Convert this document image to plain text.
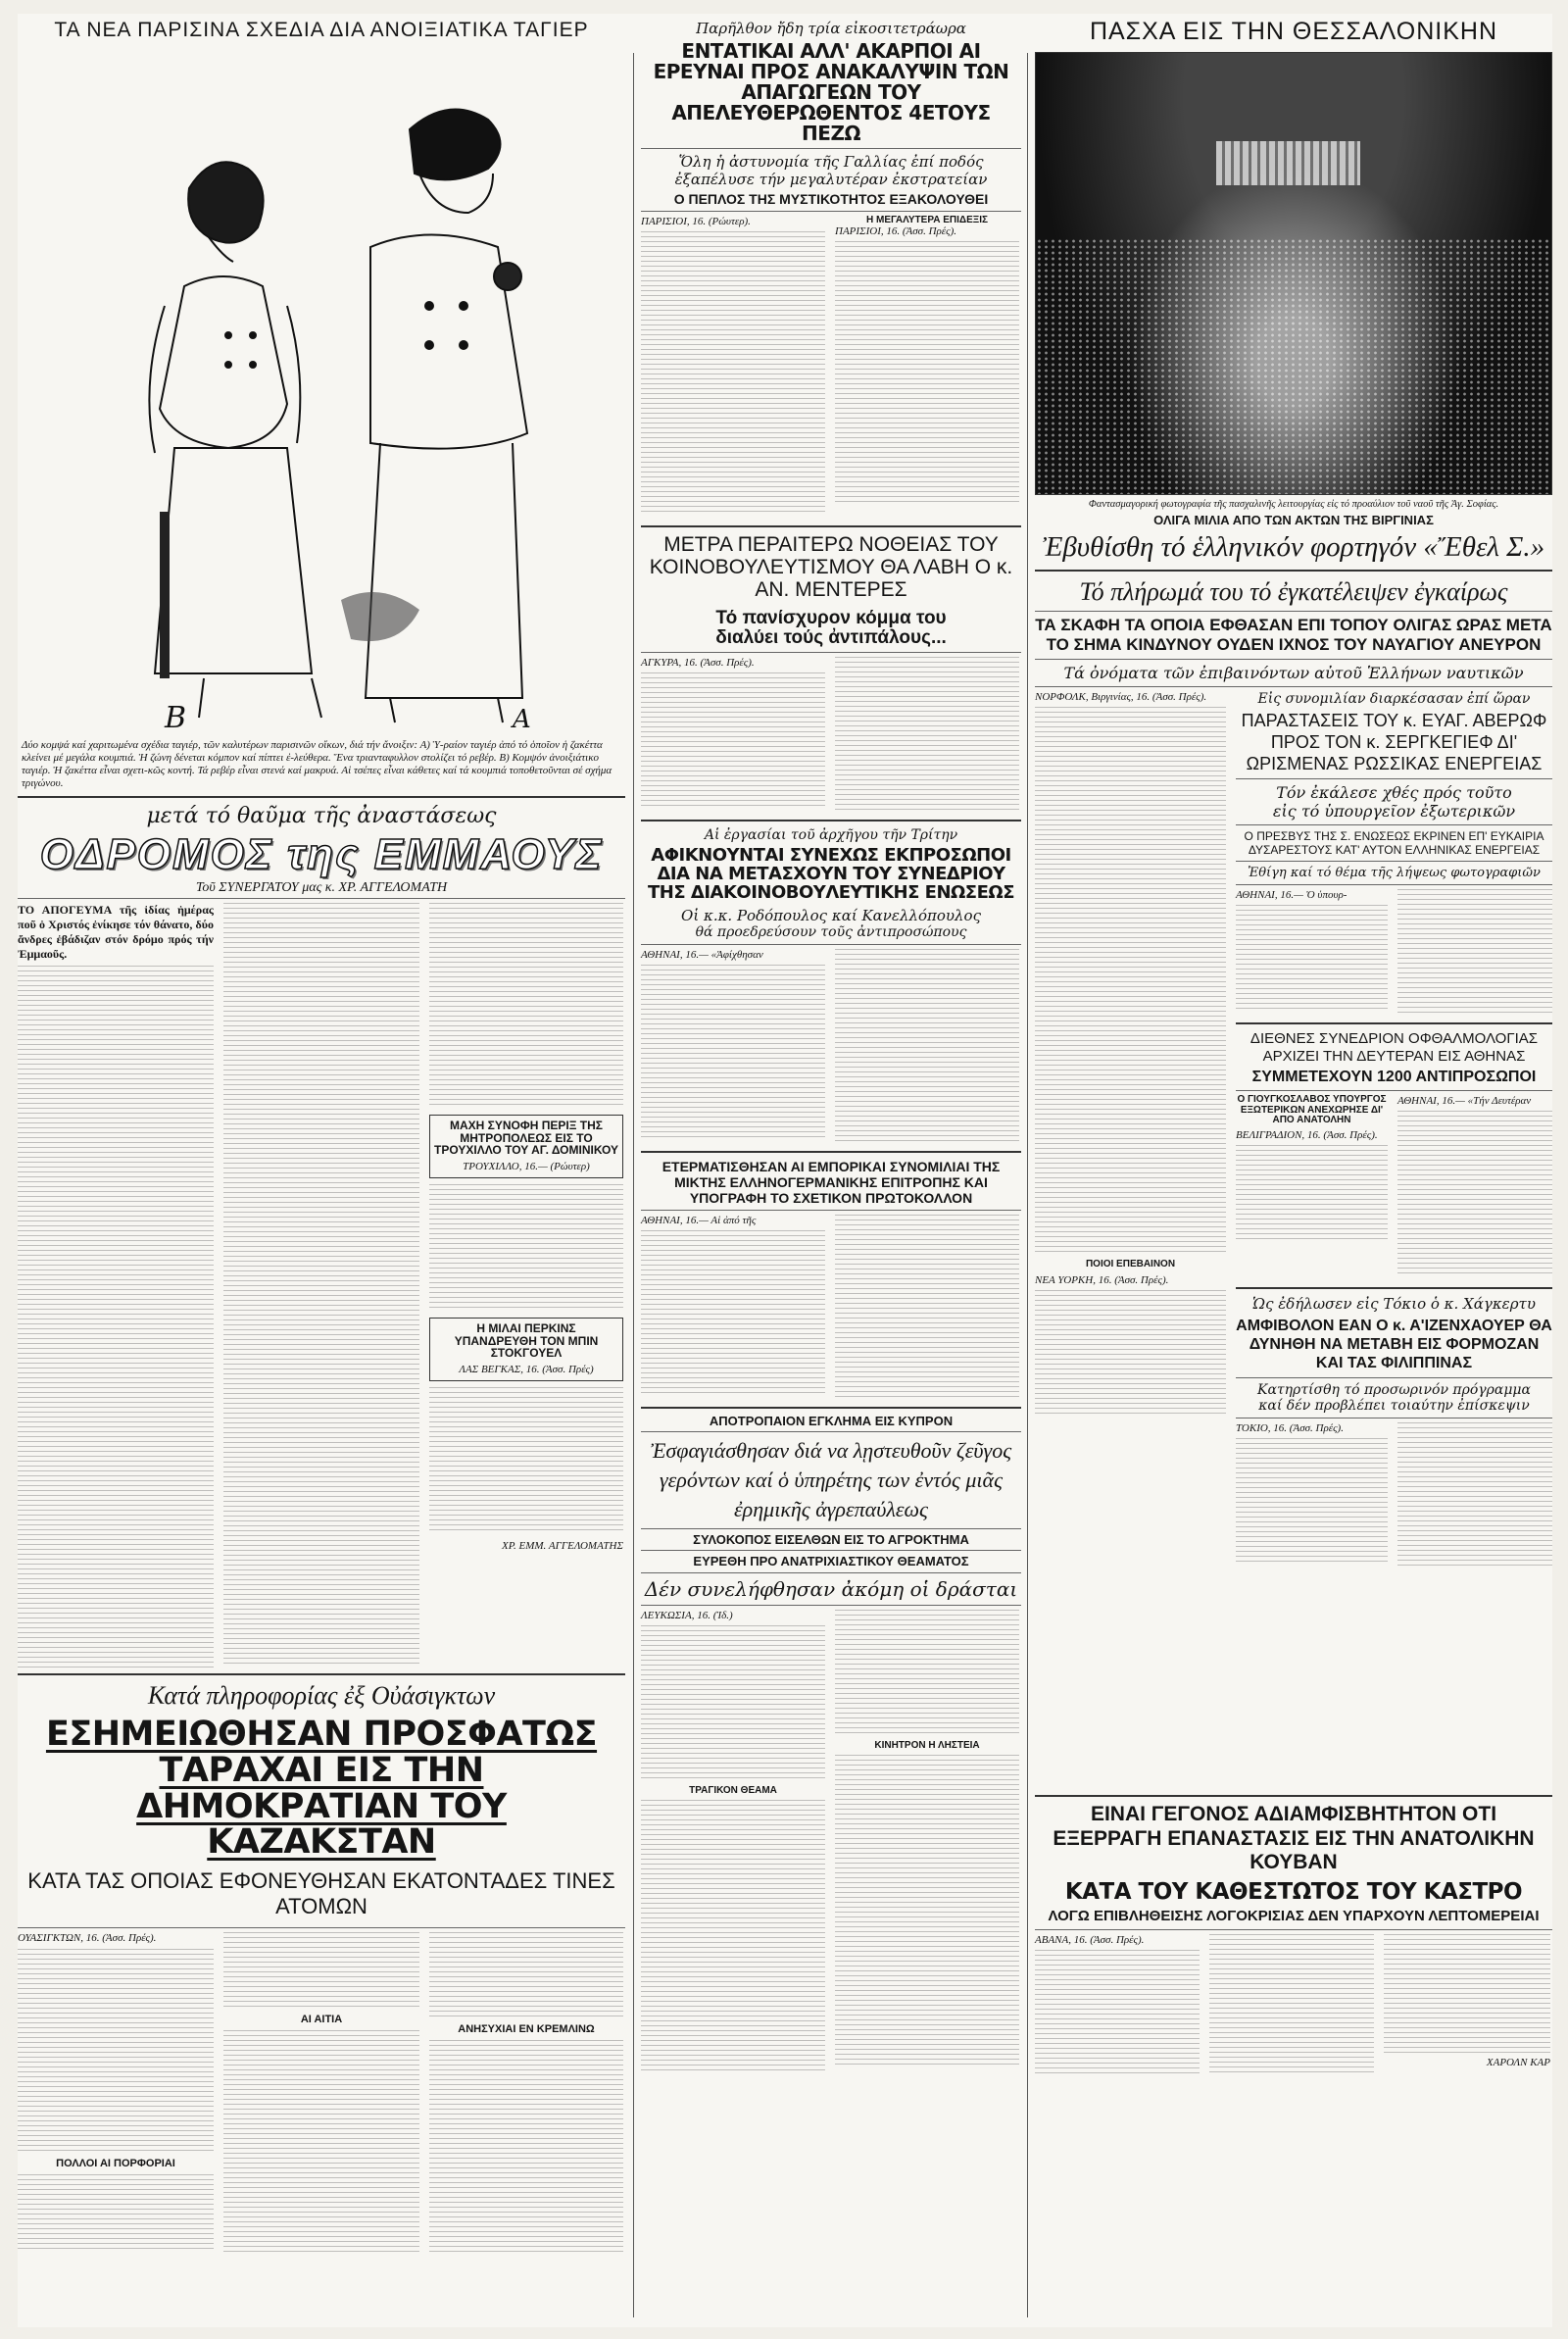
ΤΑ ΝΕΑ ΠΑΡΙΣΙΝΑ ΣΧΕΔΙΑ ΔΙΑ ΑΝΟΙΞΙΑΤΙΚΑ ΤΑΓΙΕΡ
B	A
Δύο κομψά καί χαριτωμένα σχέδια ταγιέρ, τῶν καλυτέρων παρισινῶν οἴκων, διά τήν ἄνοιξιν: Α) Ὑ-ραίον ταγιέρ ἀπό τό ὁποῖον ἡ ζακέττα κλείνει μέ μεγάλα κουμπιά. Ἡ ζώνη δένεται κόμπον καί πίπτει ἐ-λεύθερα. Ἕνα τριανταφυλλον στολίζει τό ρεβέρ. Β) Κομψόν ἀνοιξιάτικο ταγιέρ. Ἡ ζακέττα εἶναι σχετι-κῶς κοντή. Τά ρεβέρ εἶναι στενά καί μακρυά. Αἱ τσέπες εἶναι κάθετες καί τά κουμπιά τοποθετοῦνται σέ σχήμα τριγώνου.
μετά τό θαῦμα τῆς ἀναστάσεως
ΟΔΡΟΜΟΣ της ΕΜΜΑΟΥΣ
Τοῦ ΣΥΝΕΡΓΑΤΟΥ μας κ. ΧΡ. ΑΓΓΕΛΟΜΑΤΗ
ΤΟ ΑΠΟΓΕΥΜΑ τῆς ἰδίας ἡμέρας ποῦ ὁ Χριστός ἐνίκησε τόν θάνατο, δύο ἄνδρες ἐβάδιζαν στόν δρόμο πρός τήν Ἐμμαοῦς.
ΜΑΧΗ ΣΥΝΟΦΗ ΠΕΡΙΞ ΤΗΣ ΜΗΤΡΟΠΟΛΕΩΣ ΕΙΣ ΤΟ ΤΡΟΥΧΙΛΛΟ ΤΟΥ ΑΓ. ΔΟΜΙΝΙΚΟΥ
ΤΡΟΥΧΙΛΛΟ, 16.— (Ρώυτερ)
Η ΜΙΛΑΙ ΠΕΡΚΙΝΣ ΥΠΑΝΔΡΕΥΘΗ ΤΟΝ ΜΠΙΝ ΣΤΟΚΓΟΥΕΛ
ΛΑΣ ΒΕΓΚΑΣ, 16. (Ἀσσ. Πρές)
ΧΡ. ΕΜΜ. ΑΓΓΕΛΟΜΑΤΗΣ
Κατά πληροφορίας ἐξ Οὐάσιγκτων
ΕΣΗΜΕΙΩΘΗΣΑΝ ΠΡΟΣΦΑΤΩΣ ΤΑΡΑΧΑΙ ΕΙΣ ΤΗΝ ΔΗΜΟΚΡΑΤΙΑΝ ΤΟΥ ΚΑΖΑΚΣΤΑΝ
ΚΑΤΑ ΤΑΣ ΟΠΟΙΑΣ ΕΦΟΝΕΥΘΗΣΑΝ ΕΚΑΤΟΝΤΑΔΕΣ ΤΙΝΕΣ ΑΤΟΜΩΝ
ΟΥΑΣΙΓΚΤΩΝ, 16. (Ἀσσ. Πρές).
ΠΟΛΛΟΙ ΑΙ ΠΟΡΦΟΡΙΑΙ
ΑΙ ΑΙΤΙΑ
ΑΝΗΣΥΧΙΑΙ ΕΝ ΚΡΕΜΛΙΝΩ
Παρῆλθον ἤδη τρία εἰκοσιτετράωρα
ΕΝΤΑΤΙΚΑΙ ΑΛΛ' ΑΚΑΡΠΟΙ ΑΙ ΕΡΕΥΝΑΙ ΠΡΟΣ ΑΝΑΚΑΛΥΨΙΝ ΤΩΝ ΑΠΑΓΩΓΕΩΝ ΤΟΥ ΑΠΕΛΕΥΘΕΡΩΘΕΝΤΟΣ 4ΕΤΟΥΣ ΠΕΖΩ
Ὅλη ἡ ἀστυνομία τῆς Γαλλίας ἐπί ποδός
ἐξαπέλυσε τήν μεγαλυτέραν ἐκστρατείαν
Ο ΠΕΠΛΟΣ ΤΗΣ ΜΥΣΤΙΚΟΤΗΤΟΣ ΕΞΑΚΟΛΟΥΘΕΙ
ΠΑΡΙΣΙΟΙ, 16. (Ρώυτερ).	Η ΜΕΓΑΛΥΤΕΡΑ ΕΠΙΔΕΞΙΣ
ΠΑΡΙΣΙΟΙ, 16. (Ἀσσ. Πρές).
ΜΕΤΡΑ ΠΕΡΑΙΤΕΡΩ ΝΟΘΕΙΑΣ ΤΟΥ ΚΟΙΝΟΒΟΥΛΕΥΤΙΣΜΟΥ ΘΑ ΛΑΒΗ Ο κ. ΑΝ. ΜΕΝΤΕΡΕΣ
Τό πανίσχυρον κόμμα του
διαλύει τούς ἀντιπάλους...
ΑΓΚΥΡΑ, 16. (Ἀσσ. Πρές).
Αἱ ἐργασίαι τοῦ ἀρχῆγου τῆν Τρίτην
ΑΦΙΚΝΟΥΝΤΑΙ ΣΥΝΕΧΩΣ ΕΚΠΡΟΣΩΠΟΙ ΔΙΑ ΝΑ ΜΕΤΑΣΧΟΥΝ ΤΟΥ ΣΥΝΕΔΡΙΟΥ ΤΗΣ ΔΙΑΚΟΙΝΟΒΟΥΛΕΥΤΙΚΗΣ ΕΝΩΣΕΩΣ
Οἱ κ.κ. Ροδόπουλος καί Κανελλόπουλος
θά προεδρεύσουν τοῦς ἀντιπροσώπους
ΑΘΗΝΑΙ, 16.— «Ἀφίχθησαν
ΕΤΕΡΜΑΤΙΣΘΗΣΑΝ ΑΙ ΕΜΠΟΡΙΚΑΙ ΣΥΝΟΜΙΛΙΑΙ ΤΗΣ ΜΙΚΤΗΣ ΕΛΛΗΝΟΓΕΡΜΑΝΙΚΗΣ ΕΠΙΤΡΟΠΗΣ ΚΑΙ ΥΠΟΓΡΑΦΗ ΤΟ ΣΧΕΤΙΚΟΝ ΠΡΩΤΟΚΟΛΛΟΝ
ΑΘΗΝΑΙ, 16.— Αἱ ἀπό τῆς
ΑΠΟΤΡΟΠΑΙΟΝ ΕΓΚΛΗΜΑ ΕΙΣ ΚΥΠΡΟΝ
Ἐσφαγιάσθησαν διά να λῃστευθοῦν ζεῦγος γερόντων καί ὁ ὑπηρέτης των ἐντός μιᾶς ἐρημικῆς ἀγρεπαύλεως
ΣΥΛΟΚΟΠΟΣ ΕΙΣΕΛΘΩΝ ΕΙΣ ΤΟ ΑΓΡΟΚΤΗΜΑ
ΕΥΡΕΘΗ ΠΡΟ ΑΝΑΤΡΙΧΙΑΣΤΙΚΟΥ ΘΕΑΜΑΤΟΣ
Δέν συνελήφθησαν ἀκόμη οἱ δράσται
ΛΕΥΚΩΣΙΑ, 16. (Ἰδ.)
ΤΡΑΓΙΚΟΝ ΘΕΑΜΑ
ΚΙΝΗΤΡΟΝ Η ΛΗΣΤΕΙΑ
ΠΑΣΧΑ ΕΙΣ ΤΗΝ ΘΕΣΣΑΛΟΝΙΚΗΝ
Φαντασμαγορική φωτογραφία τῆς πασχαλινῆς λειτουργίας εἰς τό προαύλιον τοῦ ναοῦ τῆς Ἁγ. Σοφίας.
ΟΛΙΓΑ ΜΙΛΙΑ ΑΠΟ ΤΩΝ ΑΚΤΩΝ ΤΗΣ ΒΙΡΓΙΝΙΑΣ
Ἐβυθίσθη τό ἑλληνικόν φορτηγόν «Ἔθελ Σ.»
Τό πλήρωμά του τό ἐγκατέλειψεν ἐγκαίρως
ΤΑ ΣΚΑΦΗ ΤΑ ΟΠΟΙΑ ΕΦΘΑΣΑΝ ΕΠΙ ΤΟΠΟΥ ΟΛΙΓΑΣ ΩΡΑΣ ΜΕΤΑ ΤΟ ΣΗΜΑ ΚΙΝΔΥΝΟΥ ΟΥΔΕΝ ΙΧΝΟΣ ΤΟΥ ΝΑΥΑΓΙΟΥ ΑΝΕΥΡΟΝ
Τά ὀνόματα τῶν ἐπιβαινόντων αὐτοῦ Ἑλλήνων ναυτικῶν
ΝΟΡΦΟΛΚ, Βιργινίας, 16. (Ἀσσ. Πρές).
ΠΟΙΟΙ ΕΠΕΒΑΙΝΟΝ
ΝΕΑ ΥΟΡΚΗ, 16. (Ἀσσ. Πρές).
Εἰς συνομιλίαν διαρκέσασαν ἐπί ὥραν
ΠΑΡΑΣΤΑΣΕΙΣ ΤΟΥ κ. ΕΥΑΓ. ΑΒΕΡΩΦ ΠΡΟΣ ΤΟΝ κ. ΣΕΡΓΚΕΓΙΕΦ ΔΙ' ΩΡΙΣΜΕΝΑΣ ΡΩΣΣΙΚΑΣ ΕΝΕΡΓΕΙΑΣ
Τόν ἐκάλεσε χθές πρός τοῦτο
εἰς τό ὑπουργεῖον ἐξωτερικῶν
Ο ΠΡΕΣΒΥΣ ΤΗΣ Σ. ΕΝΩΣΕΩΣ ΕΚΡΙΝΕΝ ΕΠ' ΕΥΚΑΙΡΙΑ ΔΥΣΑΡΕΣΤΟΥΣ ΚΑΤ' ΑΥΤΟΝ ΕΛΛΗΝΙΚΑΣ ΕΝΕΡΓΕΙΑΣ
Ἐθίγη καί τό θέμα τῆς λήψεως φωτογραφιῶν
ΑΘΗΝΑΙ, 16.— Ὁ ὑπουρ-
ΔΙΕΘΝΕΣ ΣΥΝΕΔΡΙΟΝ ΟΦΘΑΛΜΟΛΟΓΙΑΣ ΑΡΧΙΖΕΙ ΤΗΝ ΔΕΥΤΕΡΑΝ ΕΙΣ ΑΘΗΝΑΣ
ΣΥΜΜΕΤΕΧΟΥΝ 1200 ΑΝΤΙΠΡΟΣΩΠΟΙ
Ο ΓΙΟΥΓΚΟΣΛΑΒΟΣ ΥΠΟΥΡΓΟΣ ΕΞΩΤΕΡΙΚΩΝ ΑΝΕΧΩΡΗΣΕ ΔΙ' ΑΠΟ ΑΝΑΤΟΛΗΝ
ΒΕΛΙΓΡΑΔΙΟΝ, 16. (Ἀσσ. Πρές).
ΑΘΗΝΑΙ, 16.— «Τήν Δευτέραν
Ὡς ἐδήλωσεν εἰς Τόκιο ὁ κ. Χάγκερτυ
ΑΜΦΙΒΟΛΟΝ ΕΑΝ Ο κ. Α'ΙΖΕΝΧΑΟΥΕΡ ΘΑ ΔΥΝΗΘΗ ΝΑ ΜΕΤΑΒΗ ΕΙΣ ΦΟΡΜΟΖΑΝ ΚΑΙ ΤΑΣ ΦΙΛΙΠΠΙΝΑΣ
Κατηρτίσθη τό προσωρινόν πρόγραμμα
καί δέν προβλέπει τοιαύτην ἐπίσκεψιν
ΤΟΚΙΟ, 16. (Ἀσσ. Πρές).
ΕΙΝΑΙ ΓΕΓΟΝΟΣ ΑΔΙΑΜΦΙΣΒΗΤΗΤΟΝ ΟΤΙ ΕΞΕΡΡΑΓΗ ΕΠΑΝΑΣΤΑΣΙΣ ΕΙΣ ΤΗΝ ΑΝΑΤΟΛΙΚΗΝ ΚΟΥΒΑΝ
ΚΑΤΑ ΤΟΥ ΚΑΘΕΣΤΩΤΟΣ ΤΟΥ ΚΑΣΤΡΟ
ΛΟΓΩ ΕΠΙΒΛΗΘΕΙΣΗΣ ΛΟΓΟΚΡΙΣΙΑΣ ΔΕΝ ΥΠΑΡΧΟΥΝ ΛΕΠΤΟΜΕΡΕΙΑΙ
ΑΒΑΝΑ, 16. (Ἀσσ. Πρές).
ΧΑΡΟΛΝ ΚΑΡ
